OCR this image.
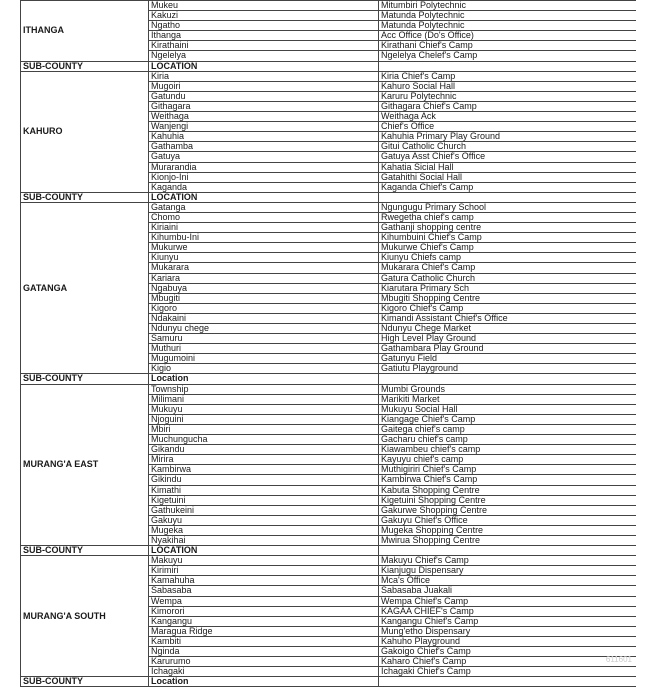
ITHANGA	Mukeu	Mitumbiri Polytechnic
	Kakuzi	Matunda Polytechnic
	Ngatho	Matunda Polytechnic
	Ithanga	Acc Office (Do's Office)
	Kirathaini	Kirathani Chief's Camp
	Ngelelya	Ngelelya Chelef's Camp
SUB-COUNTY	LOCATION	
KAHURO	Kiria	Kiria Chief's Camp
	Mugoiri	Kahuro Social Hall
	Gatundu	Karuru Polytechnic
	Githagara	Githagara Chief's Camp
	Weithaga	Weithaga Ack
	Wanjengi	Chief's Office
	Kahuhia	Kahuhia Primary Play Ground
	Gathamba	Gitui Catholic Church
	Gatuya	Gatuya Asst Chief's Office
	Murarandia	Kahatia Sicial Hall
	Kionjo-Ini	Gatahithi Social Hall
	Kaganda	Kaganda Chief's Camp
SUB-COUNTY	LOCATION	
GATANGA	Gatanga	Ngungugu Primary School
	Chomo	Rwegetha chief's camp
	Kiriaini	Gathanji shopping centre
	Kihumbu-Ini	Kihumbuini Chief's Camp
	Mukurwe	Mukurwe Chief's Camp
	Kiunyu	Kiunyu Chiefs camp
	Mukarara	Mukarara Chief's Camp
	Kariara	Gatura Catholic Church
	Ngabuya	Kiarutara Primary Sch
	Mbugiti	Mbugiti Shopping Centre
	Kigoro	Kigoro Chief's Camp
	Ndakaini	Kimandi Assistant Chief's Office
	Ndunyu chege	Ndunyu Chege Market
	Samuru	High Level Play Ground
	Muthuri	Gathambara Play Ground
	Mugumoini	Gatunyu Field
	Kigio	Gatiutu Playground
SUB-COUNTY	Location	
MURANG'A EAST	Township	Mumbi Grounds
	Milimani	Marikiti Market
	Mukuyu	Mukuyu Social Hall
	Njoguini	Kiangage Chief's Camp
	Mbiri	Gaitega chief's camp
	Muchungucha	Gacharu chief's camp
	Gikandu	Kiawambeu chief's camp
	Mirira	Kayuyu chief's camp
	Kambirwa	Muthigiriri Chief's Camp
	Gikindu	Kambirwa Chief's Camp
	Kimathi	Kabuta Shopping Centre
	Kigetuini	Kigetuini Shopping Centre
	Gathukeini	Gakurwe Shopping Centre
	Gakuyu	Gakuyu Chief's Office
	Mugeka	Mugeka Shopping Centre
	Nyakihai	Mwirua Shopping Centre
SUB-COUNTY	LOCATION	
MURANG'A SOUTH	Makuyu	Makuyu Chief's Camp
	Kirimiri	Kianjugu Dispensary
	Kamahuha	Mca's Office
	Sabasaba	Sabasaba Juakali
	Wempa	Wempa Chief's Camp
	Kimorori	KAGAA CHIEF's Camp
	Kangangu	Kangangu Chief's Camp
	Maragua Ridge	Mung'etho Dispensary
	Kambiti	Kahuho Playground
	Nginda	Gakoigo Chief's Camp
	Karurumo	Kaharo Chief's Camp
	Ichagaki	Ichagaki Chief's Camp
SUB-COUNTY	Location	
611601
